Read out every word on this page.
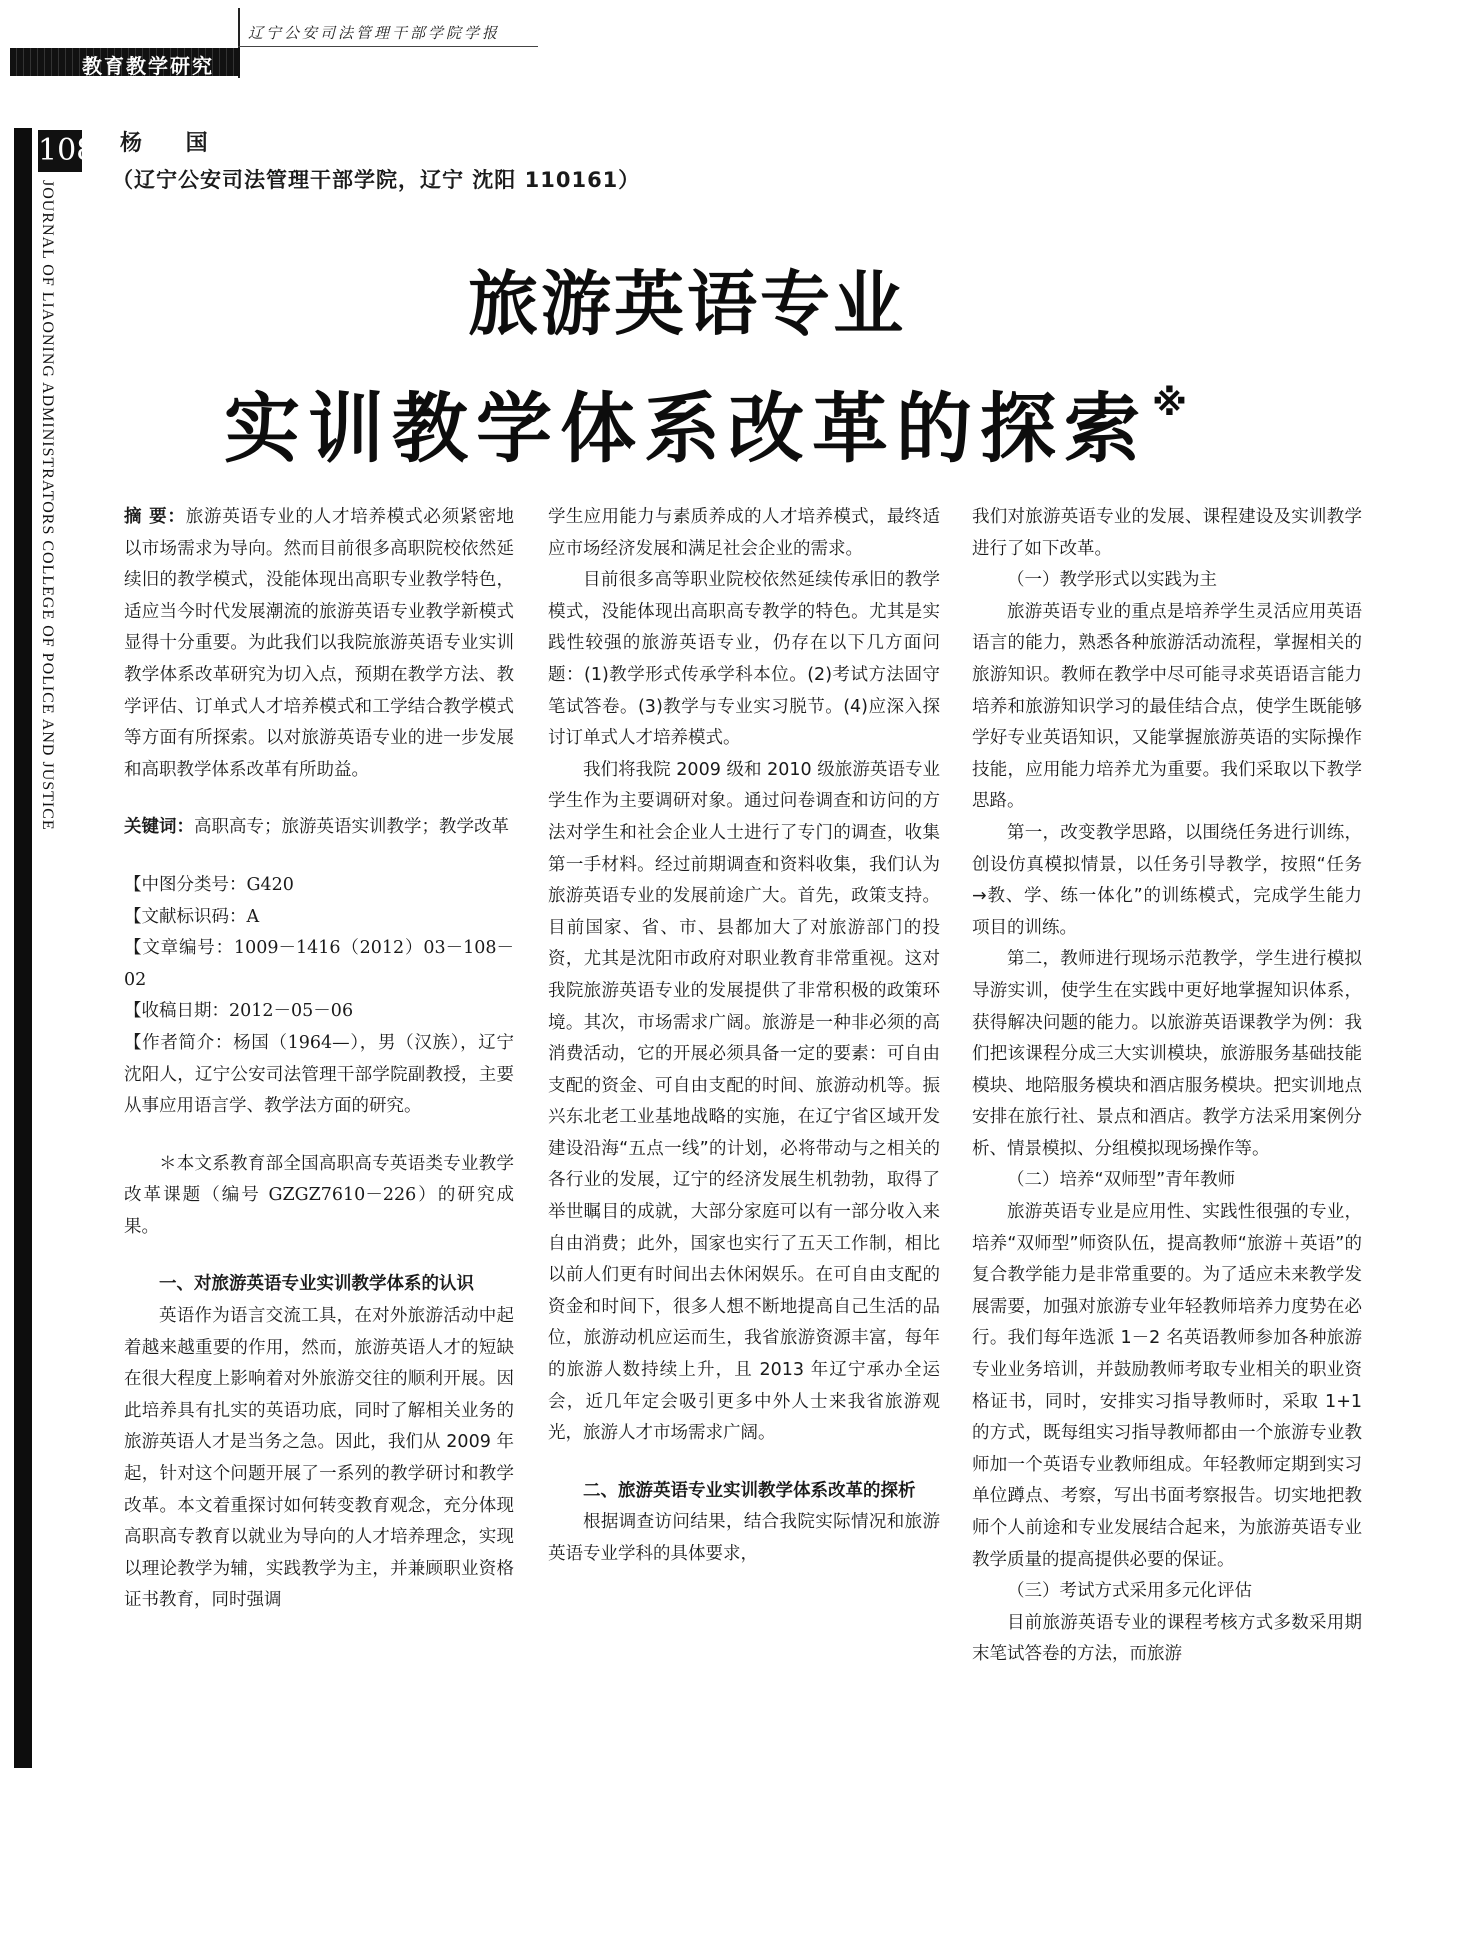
辽宁公安司法管理干部学院学报
教育教学研究
108
JOURNAL OF LIAONING ADMINISTRATORS COLLEGE OF POLICE AND JUSTICE
杨 国
（辽宁公安司法管理干部学院，辽宁 沈阳 110161）
旅游英语专业
实训教学体系改革的探索 ※

摘 要：旅游英语专业的人才培养模式必须紧密地以市场需求为导向。然而目前很多高职院校依然延续旧的教学模式，没能体现出高职专业教学特色，适应当今时代发展潮流的旅游英语专业教学新模式显得十分重要。为此我们以我院旅游英语专业实训教学体系改革研究为切入点，预期在教学方法、教学评估、订单式人才培养模式和工学结合教学模式等方面有所探索。以对旅游英语专业的进一步发展和高职教学体系改革有所助益。

关键词：高职高专；旅游英语实训教学；教学改革

【中图分类号：G420

【文献标识码：A

【文章编号：1009－1416（2012）03－108－02

【收稿日期：2012－05－06

【作者简介：杨国（1964—），男（汉族），辽宁沈阳人，辽宁公安司法管理干部学院副教授，主要从事应用语言学、教学法方面的研究。

＊本文系教育部全国高职高专英语类专业教学改革课题（编号 GZGZ7610－226）的研究成果。

一、对旅游英语专业实训教学体系的认识

英语作为语言交流工具，在对外旅游活动中起着越来越重要的作用，然而，旅游英语人才的短缺在很大程度上影响着对外旅游交往的顺利开展。因此培养具有扎实的英语功底，同时了解相关业务的旅游英语人才是当务之急。因此，我们从 2009 年起，针对这个问题开展了一系列的教学研讨和教学改革。本文着重探讨如何转变教育观念，充分体现高职高专教育以就业为导向的人才培养理念，实现以理论教学为辅，实践教学为主，并兼顾职业资格证书教育，同时强调

学生应用能力与素质养成的人才培养模式，最终适应市场经济发展和满足社会企业的需求。

目前很多高等职业院校依然延续传承旧的教学模式，没能体现出高职高专教学的特色。尤其是实践性较强的旅游英语专业，仍存在以下几方面问题：(1)教学形式传承学科本位。(2)考试方法固守笔试答卷。(3)教学与专业实习脱节。(4)应深入探讨订单式人才培养模式。

我们将我院 2009 级和 2010 级旅游英语专业学生作为主要调研对象。通过问卷调查和访问的方法对学生和社会企业人士进行了专门的调查，收集第一手材料。经过前期调查和资料收集，我们认为旅游英语专业的发展前途广大。首先，政策支持。目前国家、省、市、县都加大了对旅游部门的投资，尤其是沈阳市政府对职业教育非常重视。这对我院旅游英语专业的发展提供了非常积极的政策环境。其次，市场需求广阔。旅游是一种非必须的高消费活动，它的开展必须具备一定的要素：可自由支配的资金、可自由支配的时间、旅游动机等。振兴东北老工业基地战略的实施，在辽宁省区域开发建设沿海“五点一线”的计划，必将带动与之相关的各行业的发展，辽宁的经济发展生机勃勃，取得了举世瞩目的成就，大部分家庭可以有一部分收入来自由消费；此外，国家也实行了五天工作制，相比以前人们更有时间出去休闲娱乐。在可自由支配的资金和时间下，很多人想不断地提高自己生活的品位，旅游动机应运而生，我省旅游资源丰富，每年的旅游人数持续上升，且 2013 年辽宁承办全运会，近几年定会吸引更多中外人士来我省旅游观光，旅游人才市场需求广阔。

二、旅游英语专业实训教学体系改革的探析

根据调查访问结果，结合我院实际情况和旅游英语专业学科的具体要求，

我们对旅游英语专业的发展、课程建设及实训教学进行了如下改革。

（一）教学形式以实践为主

旅游英语专业的重点是培养学生灵活应用英语语言的能力，熟悉各种旅游活动流程，掌握相关的旅游知识。教师在教学中尽可能寻求英语语言能力培养和旅游知识学习的最佳结合点，使学生既能够学好专业英语知识，又能掌握旅游英语的实际操作技能，应用能力培养尤为重要。我们采取以下教学思路。

第一，改变教学思路，以围绕任务进行训练，创设仿真模拟情景，以任务引导教学，按照“任务→教、学、练一体化”的训练模式，完成学生能力项目的训练。

第二，教师进行现场示范教学，学生进行模拟导游实训，使学生在实践中更好地掌握知识体系，获得解决问题的能力。以旅游英语课教学为例：我们把该课程分成三大实训模块，旅游服务基础技能模块、地陪服务模块和酒店服务模块。把实训地点安排在旅行社、景点和酒店。教学方法采用案例分析、情景模拟、分组模拟现场操作等。

（二）培养“双师型”青年教师

旅游英语专业是应用性、实践性很强的专业，培养“双师型”师资队伍，提高教师“旅游＋英语”的复合教学能力是非常重要的。为了适应未来教学发展需要，加强对旅游专业年轻教师培养力度势在必行。我们每年选派 1－2 名英语教师参加各种旅游专业业务培训，并鼓励教师考取专业相关的职业资格证书，同时，安排实习指导教师时，采取 1+1 的方式，既每组实习指导教师都由一个旅游专业教师加一个英语专业教师组成。年轻教师定期到实习单位蹲点、考察，写出书面考察报告。切实地把教师个人前途和专业发展结合起来，为旅游英语专业教学质量的提高提供必要的保证。

（三）考试方式采用多元化评估

目前旅游英语专业的课程考核方式多数采用期末笔试答卷的方法，而旅游
